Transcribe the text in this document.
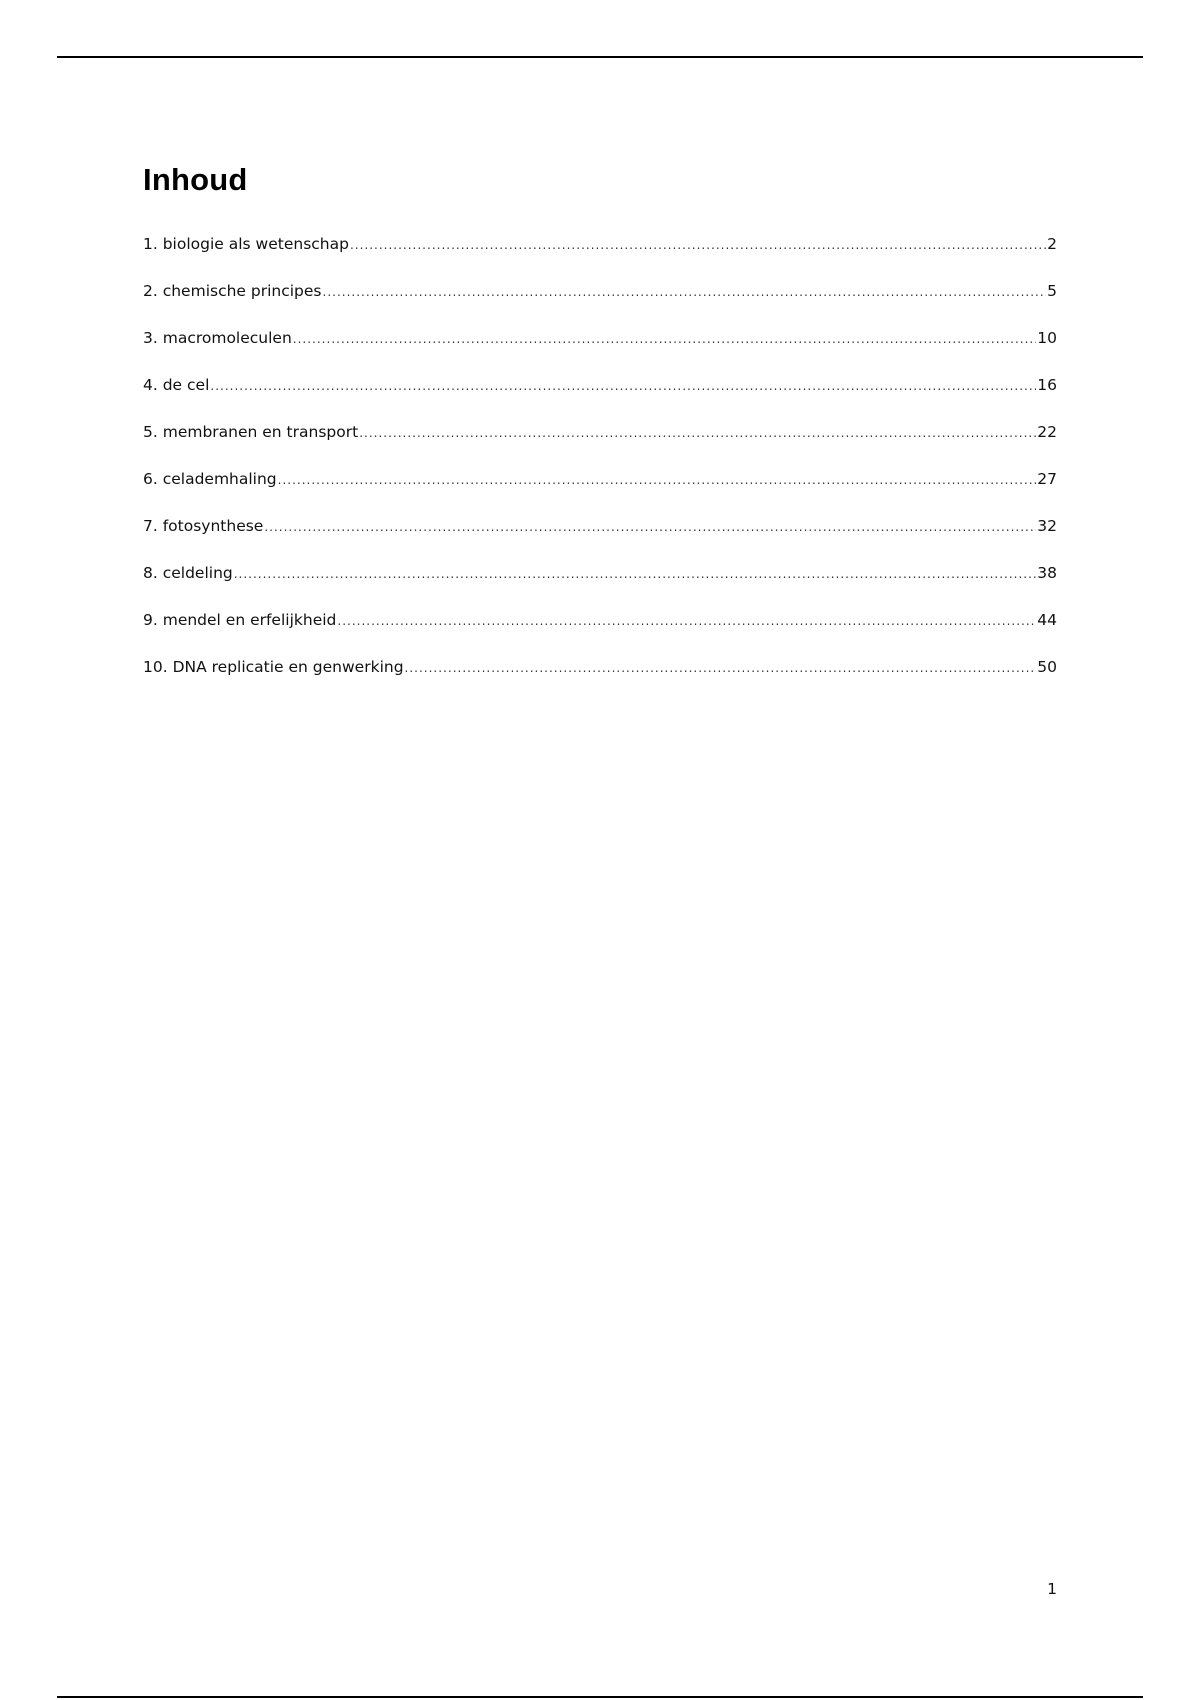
Inhoud
1. biologie als wetenschap .....	2
2. chemische principes .....	5
3. macromoleculen .....	10
4. de cel .....	16
5. membranen en transport .....	22
6. celademhaling .....	27
7. fotosynthese .....	32
8. celdeling .....	38
9. mendel en erfelijkheid .....	44
10. DNA replicatie en genwerking .....	50
1
